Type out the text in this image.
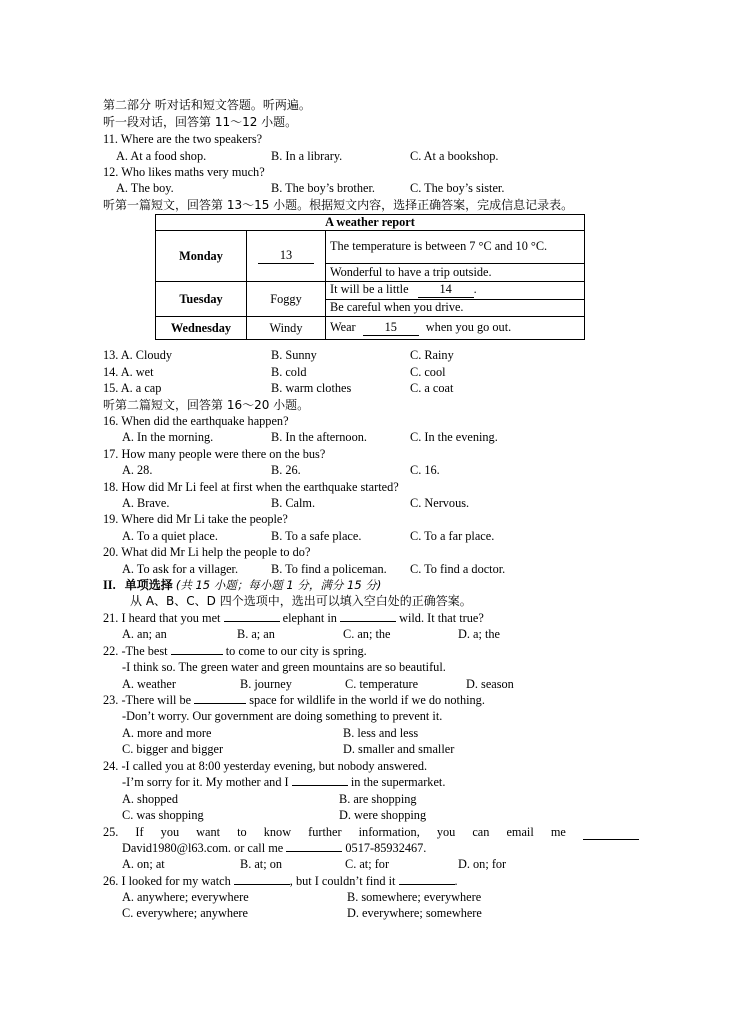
第二部分 听对话和短文答题。听两遍。
听一段对话，回答第 11～12 小题。
11. Where are the two speakers?
A. At a food shop.	B. In a library.	C. At a bookshop.
12. Who likes maths very much?
A. The boy.	B. The boy’s brother.	C. The boy’s sister.
听第一篇短文，回答第 13～15 小题。根据短文内容，选择正确答案，完成信息记录表。
A weather report		
Monday	13	The temperature is between 7 °C and 10 °C.
		Wonderful to have a trip outside.
Tuesday	Foggy	It will be a little 14 .
		Be careful when you drive.
Wednesday	Windy	Wear 15 when you go out.
13. A. Cloudy	B. Sunny	C. Rainy
14. A. wet	B. cold	C. cool
15. A. a cap	B. warm clothes	C. a coat
听第二篇短文，回答第 16～20 小题。
16. When did the earthquake happen?
A. In the morning.	B. In the afternoon.	C. In the evening.
17. How many people were there on the bus?
A. 28.	B. 26.	C. 16.
18. How did Mr Li feel at first when the earthquake started?
A. Brave.	B. Calm.	C. Nervous.
19. Where did Mr Li take the people?
A. To a quiet place.	B. To a safe place.	C. To a far place.
20. What did Mr Li help the people to do?
A. To ask for a villager.	B. To find a policeman. C. To find a doctor.
II. 单项选择 (共 15 小题；每小题 1 分，满分 15 分)
从 A、B、C、D 四个选项中，选出可以填入空白处的正确答案。
21. I heard that you met	elephant in	wild. It that true?
A. an; an	B. a; an	C. an; the	D. a; the
22. -The best	to come to our city is spring.
-I think so. The green water and green mountains are so beautiful.
A. weather	B. journey	C. temperature	D. season
23. -There will be	space for wildlife in the world if we do nothing.
-Don’t worry. Our government are doing something to prevent it.
A. more and more	B. less and less
C. bigger and bigger	D. smaller and smaller
24. -I called you at 8:00 yesterday evening, but nobody answered.
-I’m sorry for it. My mother and I	in the supermarket.
A. shopped	B. are shopping
C. was shopping	D. were shopping
25. If you want to know further information, you can email me
David1980@l63.com. or call me	0517-85932467.
A. on; at	B. at; on	C. at; for	D. on; for
26. I looked for my watch	, but I couldn’t find it	.
A. anywhere; everywhere	B. somewhere; everywhere
C. everywhere; anywhere	D. everywhere; somewhere
